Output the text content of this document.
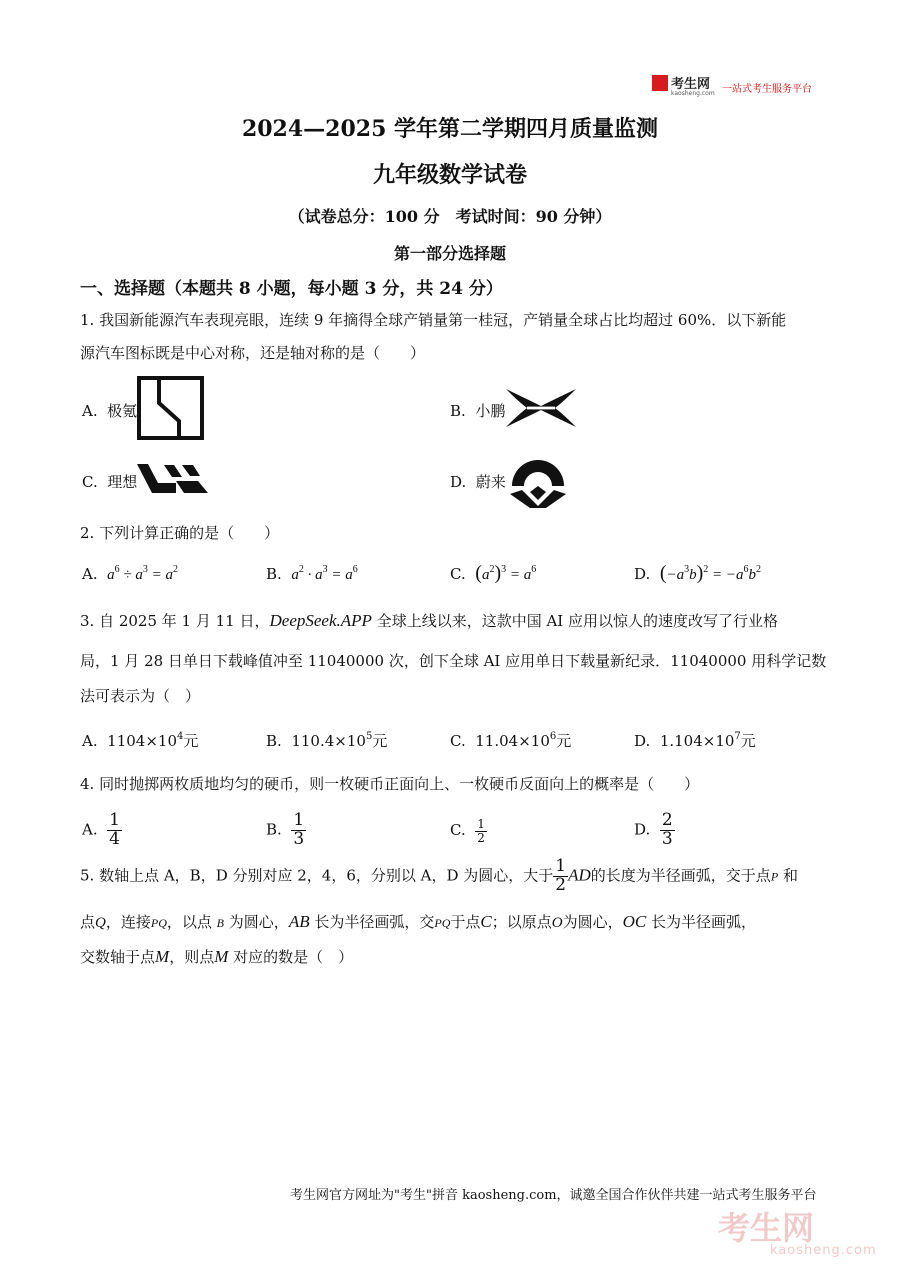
考生网
kaosheng.com 一站式考生服务平台
2024—2025 学年第二学期四月质量监测
九年级数学试卷
（试卷总分：100 分　考试时间：90 分钟）
第一部分选择题
一、选择题（本题共 8 小题，每小题 3 分，共 24 分）
1. 我国新能源汽车表现亮眼，连续 9 年摘得全球产销量第一桂冠，产销量全球占比均超过 60%．以下新能
源汽车图标既是中心对称，还是轴对称的是（　　）
A. 极氪	B. 小鹏
C. 理想	D. 蔚来
2. 下列计算正确的是（　　）
A. $a^6 \div a^3 = a^2$	B. $a^2 \cdot a^3 = a^6$	C. $(a^2)^3 = a^6$	D. $(-a^3b)^2 = -a^6b^2$
3. 自 2025 年 1 月 11 日，DeepSeek.APP 全球上线以来，这款中国 AI 应用以惊人的速度改写了行业格
局，1 月 28 日单日下载峰值冲至 11040000 次，创下全球 AI 应用单日下载量新纪录．11040000 用科学记数
法可表示为（　）
A. $1104\times 10^4$元	B. $110.4\times 10^5$元	C. $11.04\times 10^6$元	D. $1.104\times 10^7$元
4. 同时抛掷两枚质地均匀的硬币，则一枚硬币正面向上、一枚硬币反面向上的概率是（　　）
A. $\frac{1}{4}$	B. $\frac{1}{3}$	C. $\frac{1}{2}$	D. $\frac{2}{3}$
5. 数轴上点 A，B，D 分别对应 2，4，6，分别以 A，D 为圆心，大于 $\frac{1}{2}$ AD的长度为半径画弧，交于点P 和
点Q，连接PQ，以点 B 为圆心，AB 长为半径画弧，交PQ于点C；以原点O为圆心，OC 长为半径画弧，
交数轴于点M，则点M 对应的数是（　）
考生网官方网址为"考生"拼音 kaosheng.com，诚邀全国合作伙伴共建一站式考生服务平台
考生网
kaosheng.com
